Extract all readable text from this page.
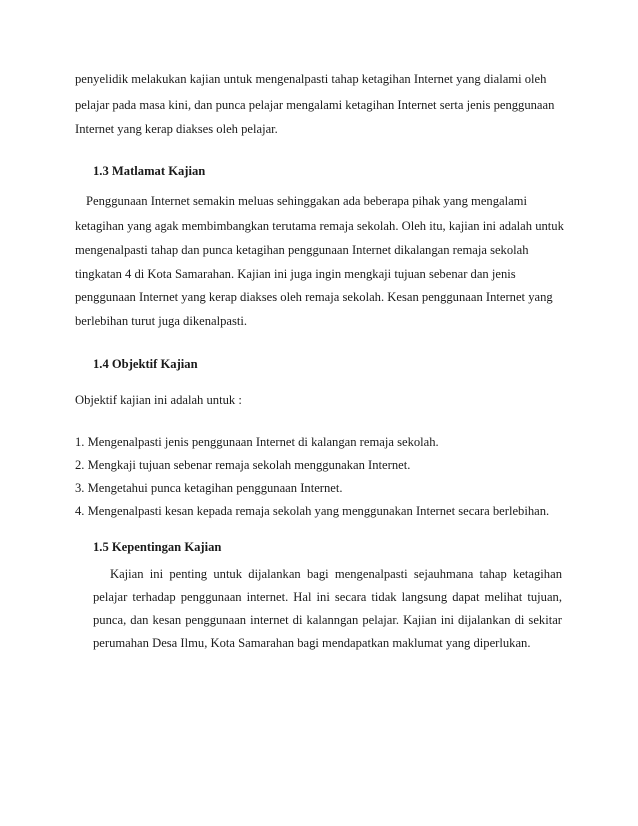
penyelidik melakukan kajian untuk mengenalpasti tahap ketagihan Internet yang dialami oleh
pelajar pada masa kini, dan punca pelajar mengalami ketagihan Internet serta jenis penggunaan
Internet yang kerap diakses oleh pelajar.
1.3 Matlamat Kajian
Penggunaan Internet semakin meluas sehinggakan ada beberapa pihak yang mengalami
ketagihan yang agak membimbangkan terutama remaja sekolah. Oleh itu, kajian ini adalah untuk
mengenalpasti tahap dan punca ketagihan penggunaan Internet dikalangan remaja sekolah
tingkatan 4 di Kota Samarahan. Kajian ini juga ingin mengkaji tujuan sebenar dan jenis
penggunaan Internet yang kerap diakses oleh remaja sekolah. Kesan penggunaan Internet yang
berlebihan turut juga dikenalpasti.
1.4 Objektif Kajian
Objektif kajian ini adalah untuk :
1. Mengenalpasti jenis penggunaan Internet di kalangan remaja sekolah.
2. Mengkaji tujuan sebenar remaja sekolah menggunakan Internet.
3. Mengetahui punca ketagihan penggunaan Internet.
4. Mengenalpasti kesan kepada remaja sekolah yang menggunakan Internet secara berlebihan.
1.5 Kepentingan Kajian
Kajian ini penting untuk dijalankan bagi mengenalpasti sejauhmana tahap ketagihan
pelajar terhadap penggunaan internet. Hal ini secara tidak langsung dapat melihat tujuan,
punca, dan kesan penggunaan internet di kalanngan pelajar. Kajian ini dijalankan di sekitar
perumahan Desa Ilmu, Kota Samarahan bagi mendapatkan maklumat yang diperlukan.
